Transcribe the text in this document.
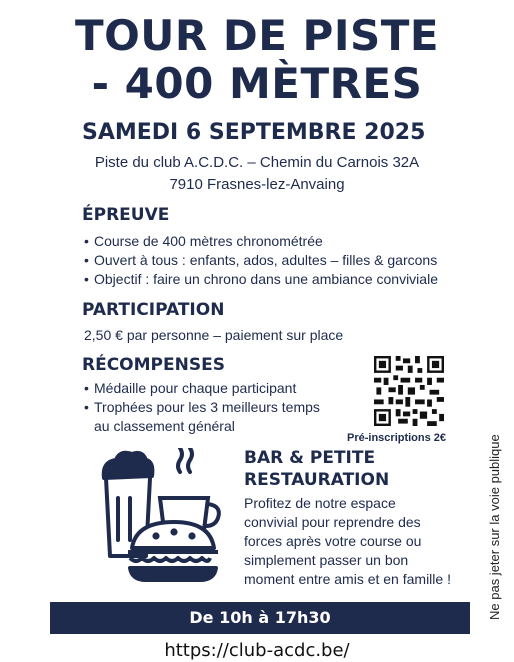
TOUR DE PISTE
- 400 MÈTRES
SAMEDI 6 SEPTEMBRE 2025
Piste du club A.C.D.C. – Chemin du Carnois 32A
7910 Frasnes-lez-Anvaing
ÉPREUVE
• Course de 400 mètres chronométrée
• Ouvert à tous : enfants, ados, adultes – filles & garcons
• Objectif : faire un chrono dans une ambiance conviviale
PARTICIPATION
2,50 € par personne – paiement sur place
RÉCOMPENSES
• Médaille pour chaque participant
• Trophées pour les 3 meilleurs temps
au classement général
Pré-inscriptions 2€
BAR & PETITE
RESTAURATION
Profitez de notre espace
convivial pour reprendre des
forces après votre course ou
simplement passer un bon
moment entre amis et en famille !
De 10h à 17h30
https://club-acdc.be/
Ne pas jeter sur la voie publique
